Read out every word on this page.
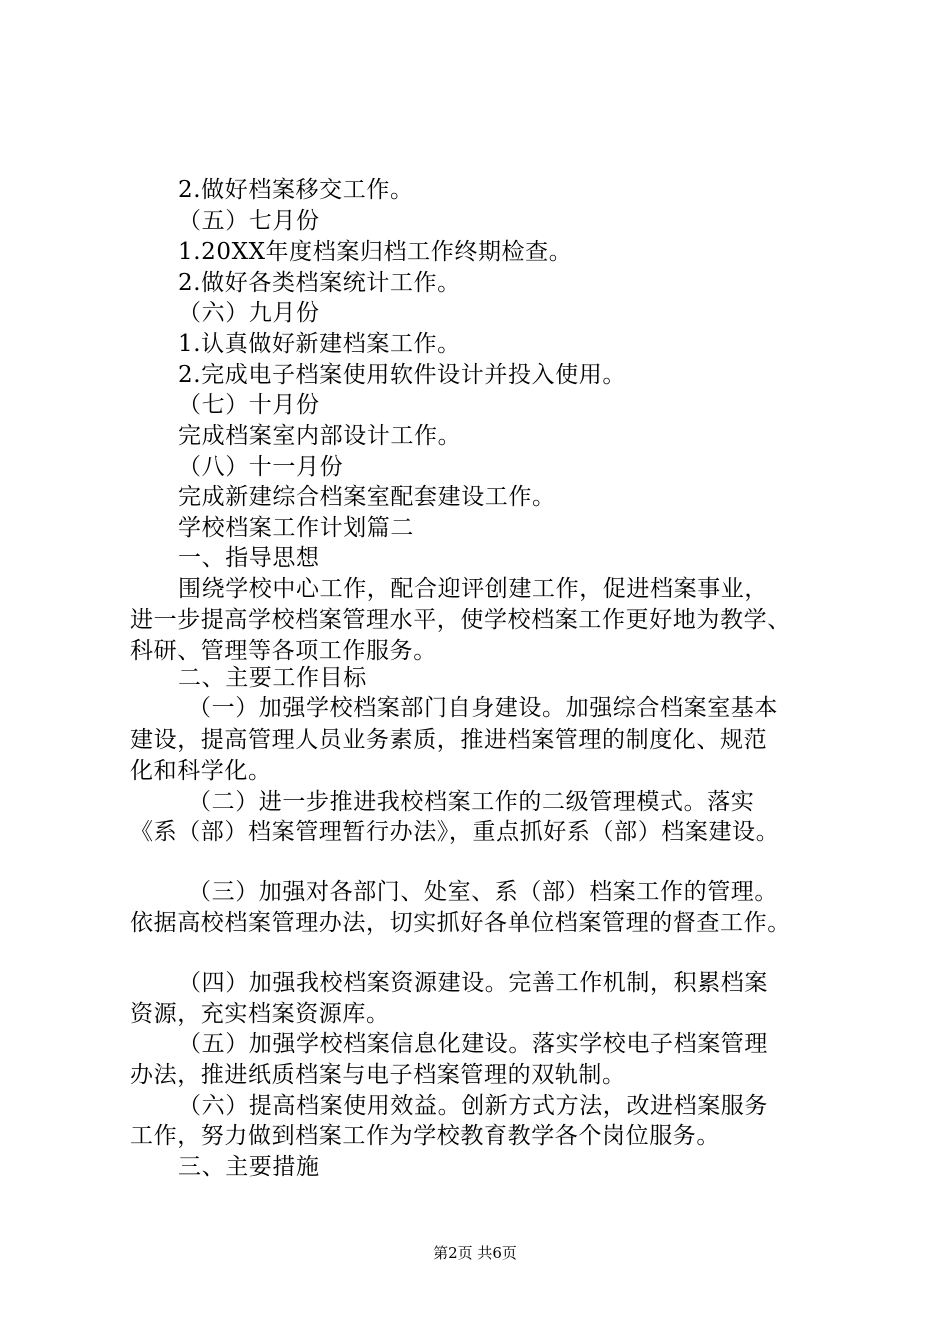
2.做好档案移交工作。
（五）七月份
1.20XX年度档案归档工作终期检查。
2.做好各类档案统计工作。
（六）九月份
1.认真做好新建档案工作。
2.完成电子档案使用软件设计并投入使用。
（七）十月份
完成档案室内部设计工作。
（八）十一月份
完成新建综合档案室配套建设工作。
学校档案工作计划篇二
一、指导思想
围绕学校中心工作，配合迎评创建工作，促进档案事业，
进一步提高学校档案管理水平，使学校档案工作更好地为教学、
科研、管理等各项工作服务。
二、主要工作目标
（一）加强学校档案部门自身建设。加强综合档案室基本
建设，提高管理人员业务素质，推进档案管理的制度化、规范
化和科学化。
（二）进一步推进我校档案工作的二级管理模式。落实
《系（部）档案管理暂行办法》，重点抓好系（部）档案建设。
（三）加强对各部门、处室、系（部）档案工作的管理。
依据高校档案管理办法，切实抓好各单位档案管理的督查工作。
（四）加强我校档案资源建设。完善工作机制，积累档案
资源，充实档案资源库。
（五）加强学校档案信息化建设。落实学校电子档案管理
办法，推进纸质档案与电子档案管理的双轨制。
（六）提高档案使用效益。创新方式方法，改进档案服务
工作，努力做到档案工作为学校教育教学各个岗位服务。
三、主要措施
第2页 共6页
